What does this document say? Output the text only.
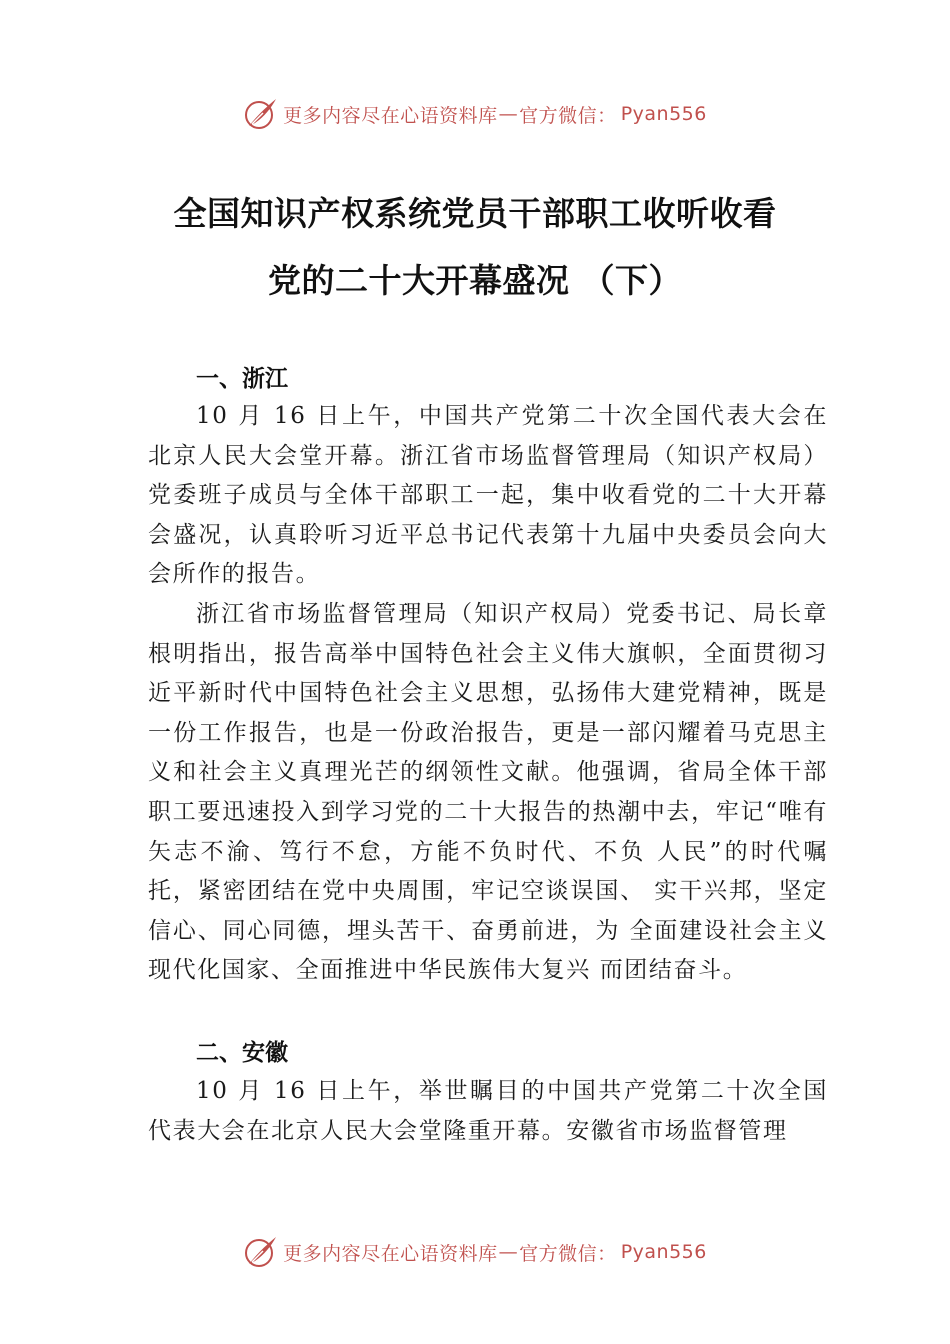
更多内容尽在心语资料库 — 官方微信： Pyan556
全国知识产权系统党员干部职工收听收看
党的二十大开幕盛况 （下）
一、浙江

10 月 16 日上午，中国共产党第二十次全国代表大会在北京人民大会堂开幕。浙江省市场监督管理局（知识产权局）党委班子成员与全体干部职工一起，集中收看党的二十大开幕会盛况，认真聆听习近平总书记代表第十九届中央委员会向大会所作的报告。

浙江省市场监督管理局（知识产权局）党委书记、局长章根明指出，报告高举中国特色社会主义伟大旗帜，全面贯彻习近平新时代中国特色社会主义思想，弘扬伟大建党精神，既是一份工作报告，也是一份政治报告，更是一部闪耀着马克思主义和社会主义真理光芒的纲领性文献。他强调，省局全体干部职工要迅速投入到学习党的二十大报告的热潮中去，牢记“唯有矢志不渝、笃行不怠，方能不负时代、不负 人民”的时代嘱托，紧密团结在党中央周围，牢记空谈误国、 实干兴邦，坚定信心、同心同德，埋头苦干、奋勇前进，为 全面建设社会主义现代化国家、全面推进中华民族伟大复兴 而团结奋斗。

二、安徽

10 月 16 日上午，举世瞩目的中国共产党第二十次全国代表大会在北京人民大会堂隆重开幕。安徽省市场监督管理

更多内容尽在心语资料库 — 官方微信： Pyan556
